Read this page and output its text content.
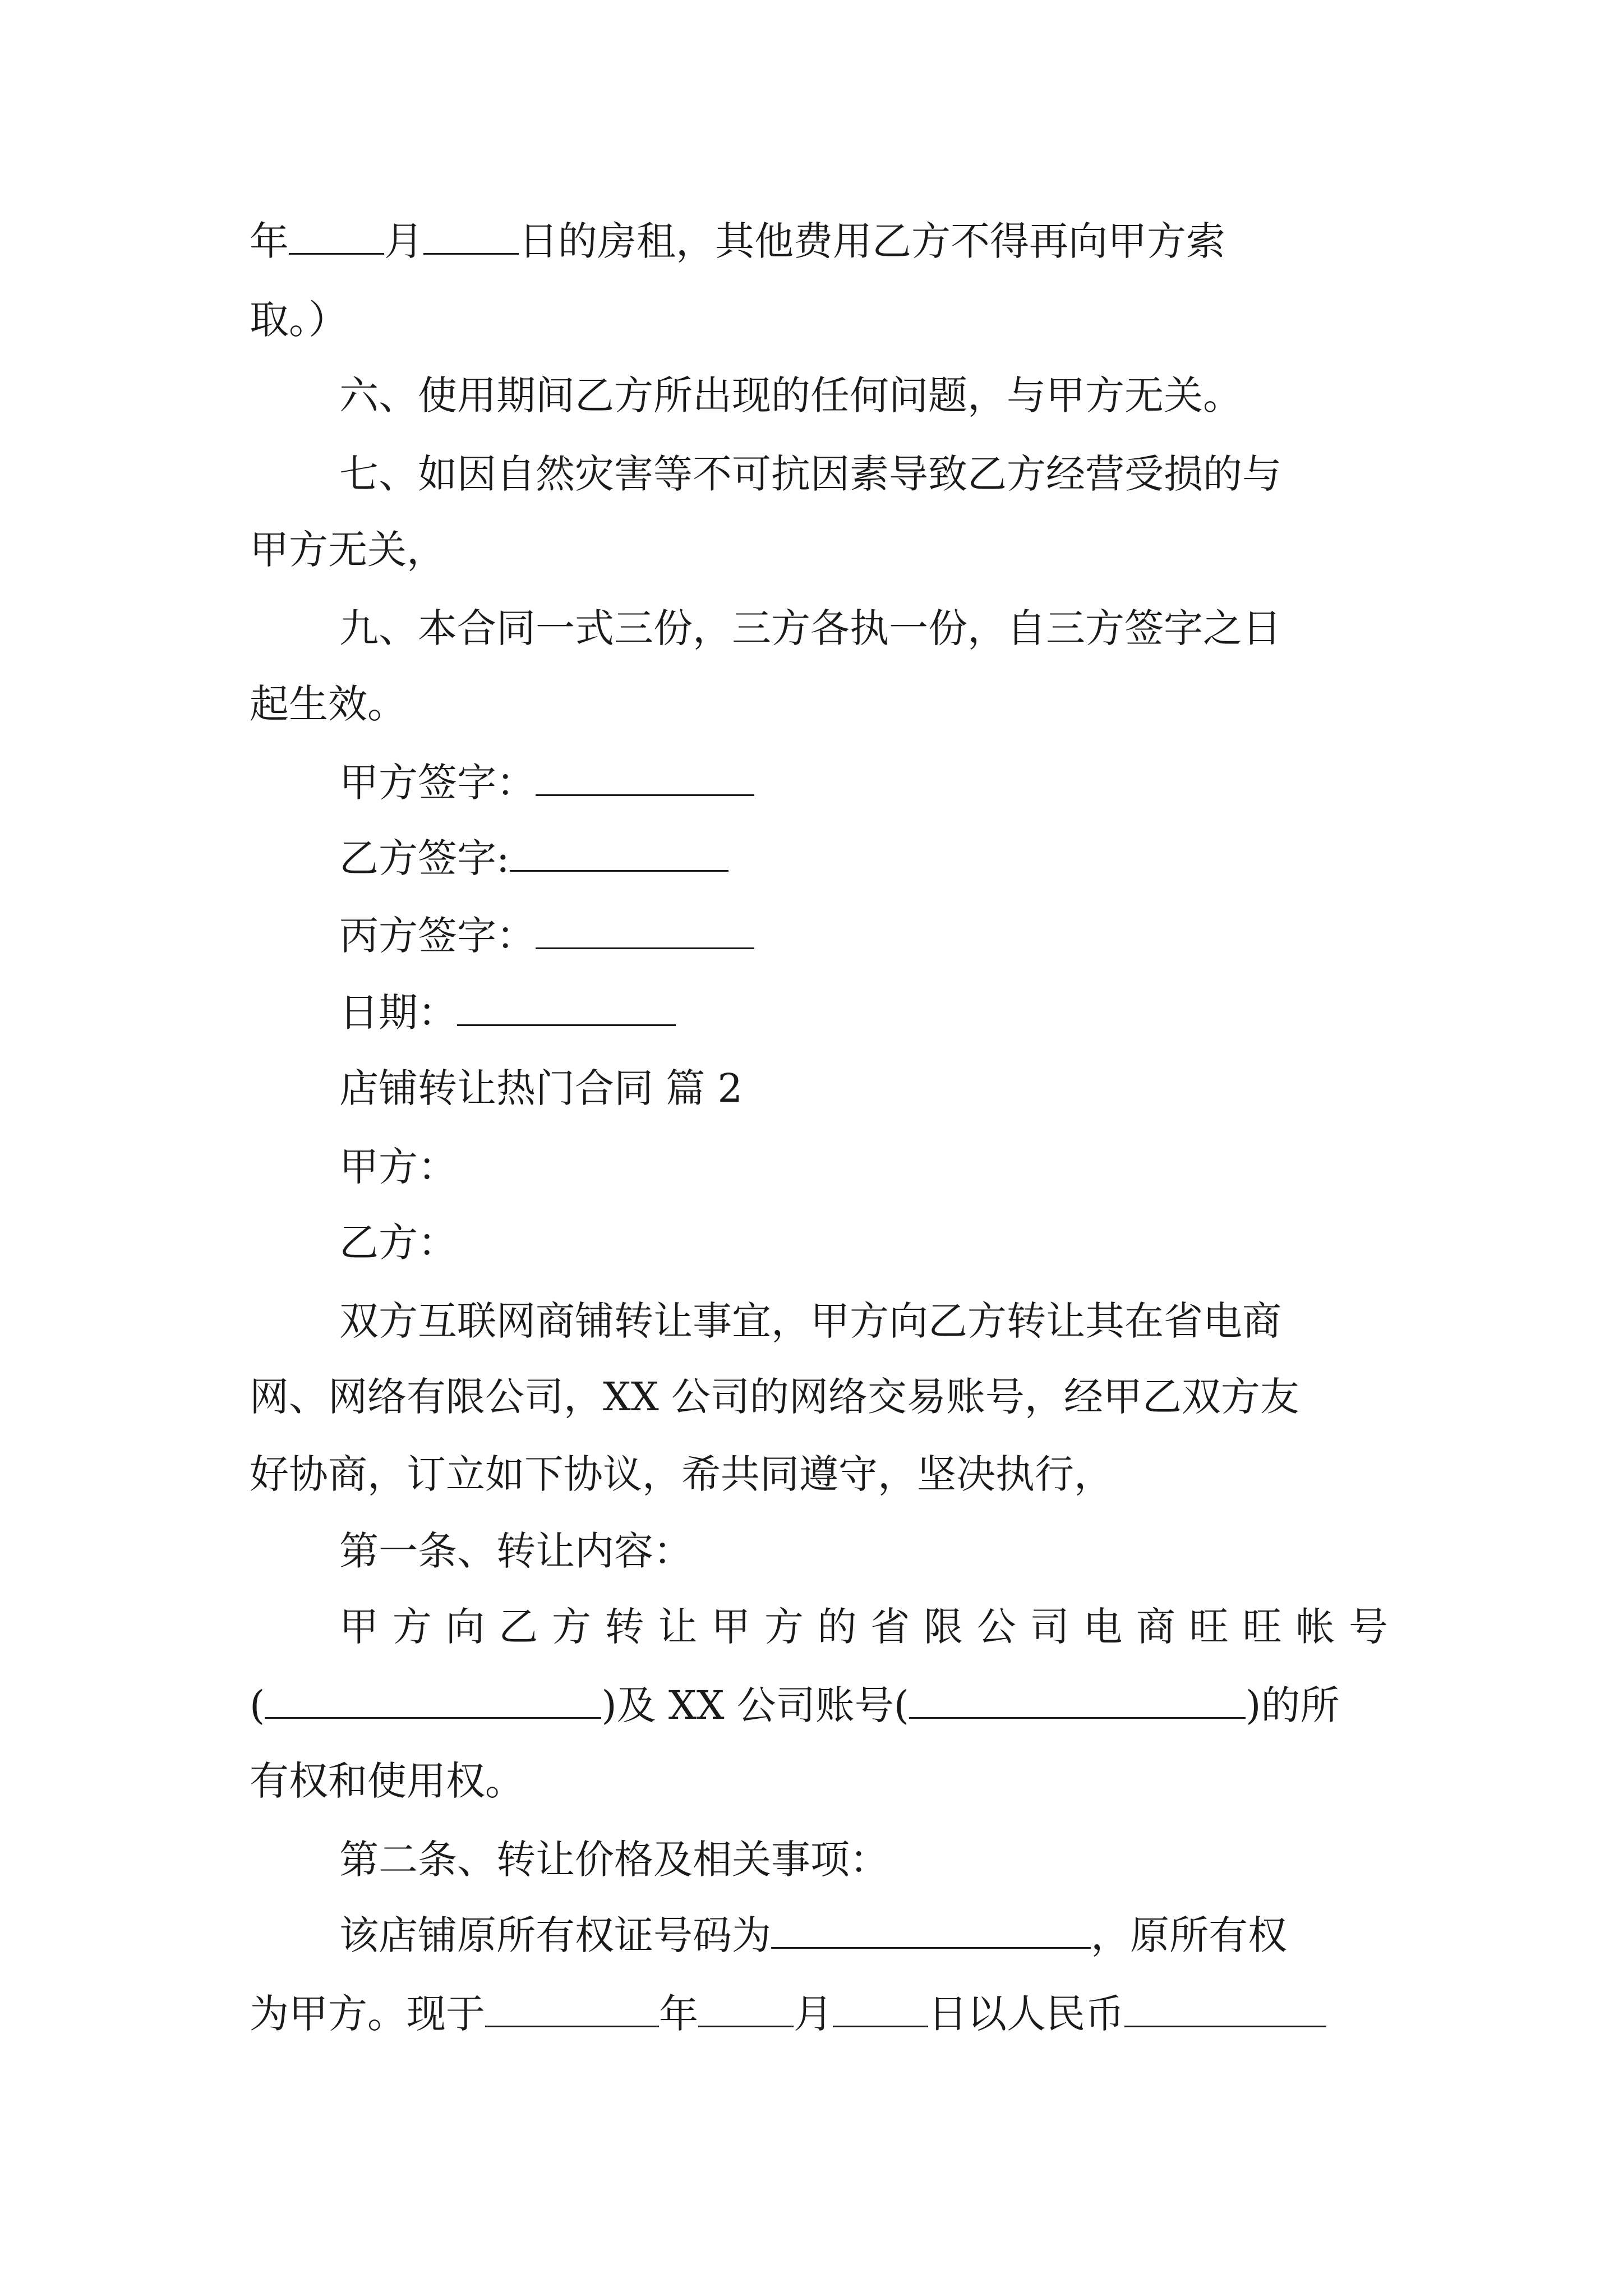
年 月 日的房租，其他费用乙方不得再向甲方索
取。）
六、使用期间乙方所出现的任何问题，与甲方无关。
七、如因自然灾害等不可抗因素导致乙方经营受损的与
甲方无关，
九、本合同一式三份，三方各执一份，自三方签字之日
起生效。
甲方签字：
乙方签字:
丙方签字：
日期：
店铺转让热门合同 篇 2
甲方：
乙方：
双方互联网商铺转让事宜，甲方向乙方转让其在省电商
网、网络有限公司，XX 公司的网络交易账号，经甲乙双方友
好协商，订立如下协议，希共同遵守，坚决执行，
第一条、转让内容：
甲方向乙方转让甲方的省限公司电商旺旺帐号
(	)及 XX 公司账号(	)的所
有权和使用权。
第二条、转让价格及相关事项：
该店铺原所有权证号码为	，原所有权
为甲方。现于	年 月 日以人民币
